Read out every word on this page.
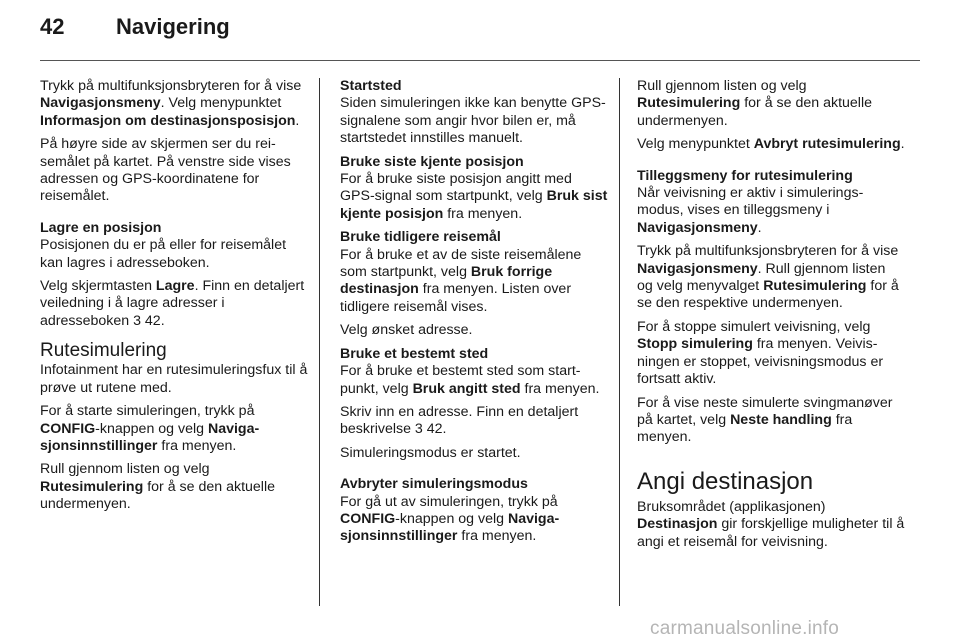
42	Navigering

Trykk på multifunksjonsbryteren for å vise Navigasjonsmeny. Velg menypunktet Informasjon om destinasjonsposisjon.

På høyre side av skjermen ser du reisemålet på kartet. På venstre side vises adressen og GPS-koordinatene for reisemålet.

Lagre en posisjon

Posisjonen du er på eller for reisemålet kan lagres i adresseboken.

Velg skjermtasten Lagre. Finn en detaljert veiledning i å lagre adresser i adresseboken 3 42.

Rutesimulering

Infotainment har en rutesimuleringsfux til å prøve ut rutene med.

For å starte simuleringen, trykk på CONFIG-knappen og velg Navigasjonsinnstillinger fra menyen.

Rull gjennom listen og velg Rutesimulering for å se den aktuelle undermenyen.

Startsted

Siden simuleringen ikke kan benytte GPS-signalene som angir hvor bilen er, må startstedet innstilles manuelt.

Bruke siste kjente posisjon

For å bruke siste posisjon angitt med GPS-signal som startpunkt, velg Bruk sist kjente posisjon fra menyen.

Bruke tidligere reisemål

For å bruke et av de siste reisemålene som startpunkt, velg Bruk forrige destinasjon fra menyen. Listen over tidligere reisemål vises.

Velg ønsket adresse.

Bruke et bestemt sted

For å bruke et bestemt sted som startpunkt, velg Bruk angitt sted fra menyen.

Skriv inn en adresse. Finn en detaljert beskrivelse 3 42.

Simuleringsmodus er startet.

Avbryter simuleringsmodus

For gå ut av simuleringen, trykk på CONFIG-knappen og velg Navigasjonsinnstillinger fra menyen.

Rull gjennom listen og velg Rutesimulering for å se den aktuelle undermenyen.

Velg menypunktet Avbryt rutesimulering.

Tilleggsmeny for rutesimulering

Når veivisning er aktiv i simuleringsmodus, vises en tilleggsmeny i Navigasjonsmeny.

Trykk på multifunksjonsbryteren for å vise Navigasjonsmeny. Rull gjennom listen og velg menyvalget Rutesimulering for å se den respektive undermenyen.

For å stoppe simulert veivisning, velg Stopp simulering fra menyen. Veivisningen er stoppet, veivisningsmodus er fortsatt aktiv.

For å vise neste simulerte svingmanøver på kartet, velg Neste handling fra menyen.

Angi destinasjon

Bruksområdet (applikasjonen) Destinasjon gir forskjellige muligheter til å angi et reisemål for veivisning.

carmanualsonline.info
